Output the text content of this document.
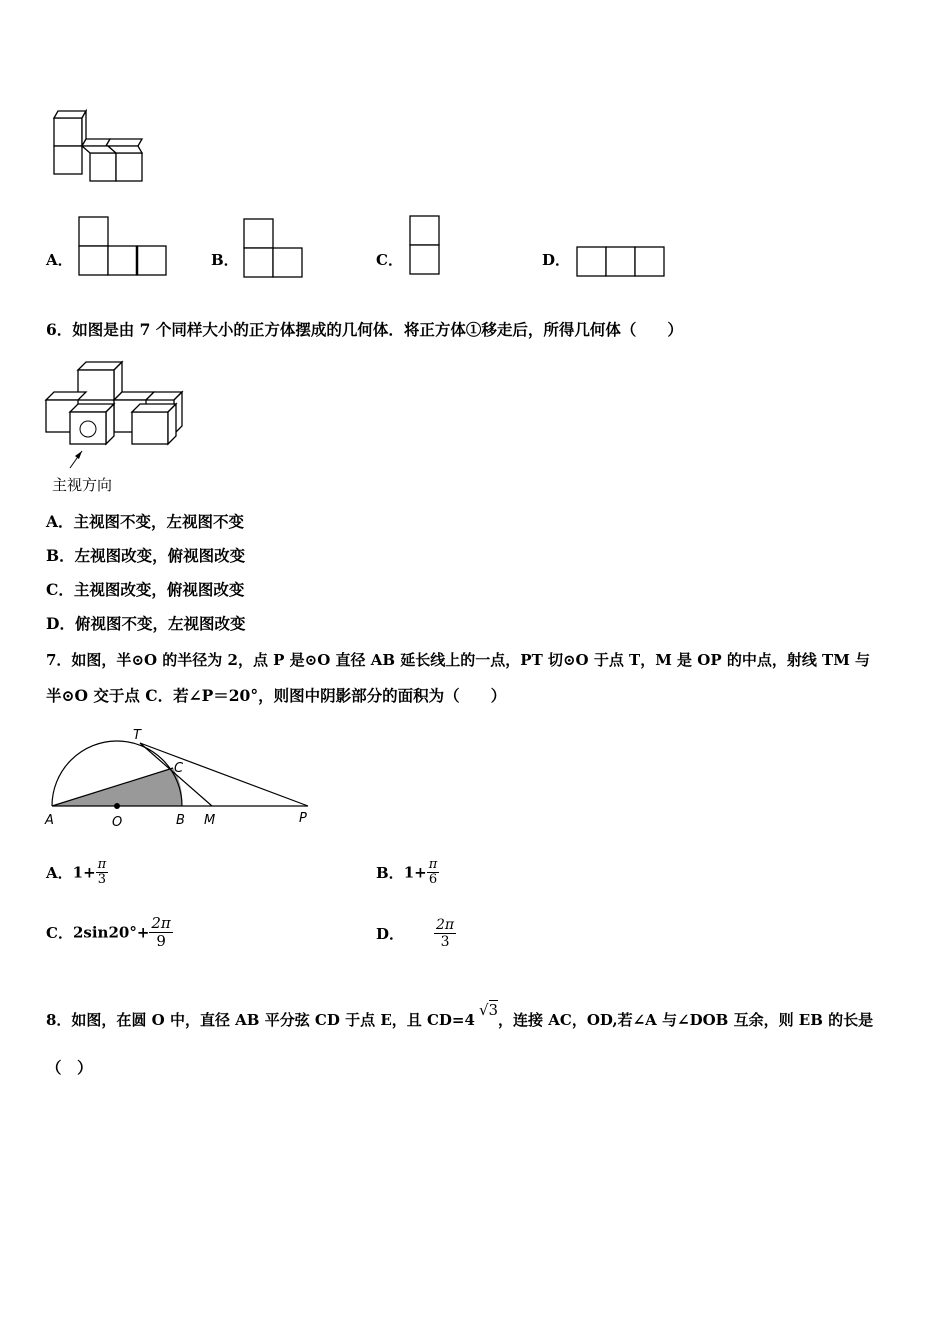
A．	B．	C．	D．
6．如图是由 7 个同样大小的正方体摆成的几何体．将正方体①移走后，所得几何体（　　）
主视方向
A．主视图不变，左视图不变
B．左视图改变，俯视图改变
C．主视图改变，俯视图改变
D．俯视图不变，左视图改变
7．如图，半⊙O 的半径为 2，点 P 是⊙O 直径 AB 延长线上的一点，PT 切⊙O 于点 T，M 是 OP 的中点，射线 TM 与
半⊙O 交于点 C．若∠P＝20°，则图中阴影部分的面积为（　　）
T
C
A	O	B M	P
A．$1+ \frac{\pi}{3}$	B．$1+ \frac{\pi}{6}$
C．$2\sin 20^\circ+ \frac{2\pi}{9}$	D． $\frac{2\pi}{3}$
8．如图，在圆 O 中，直径 AB 平分弦 CD 于点 E，且 CD=4√3，连接 AC，OD,若∠A 与∠DOB 互余，则 EB 的长是
（　）
